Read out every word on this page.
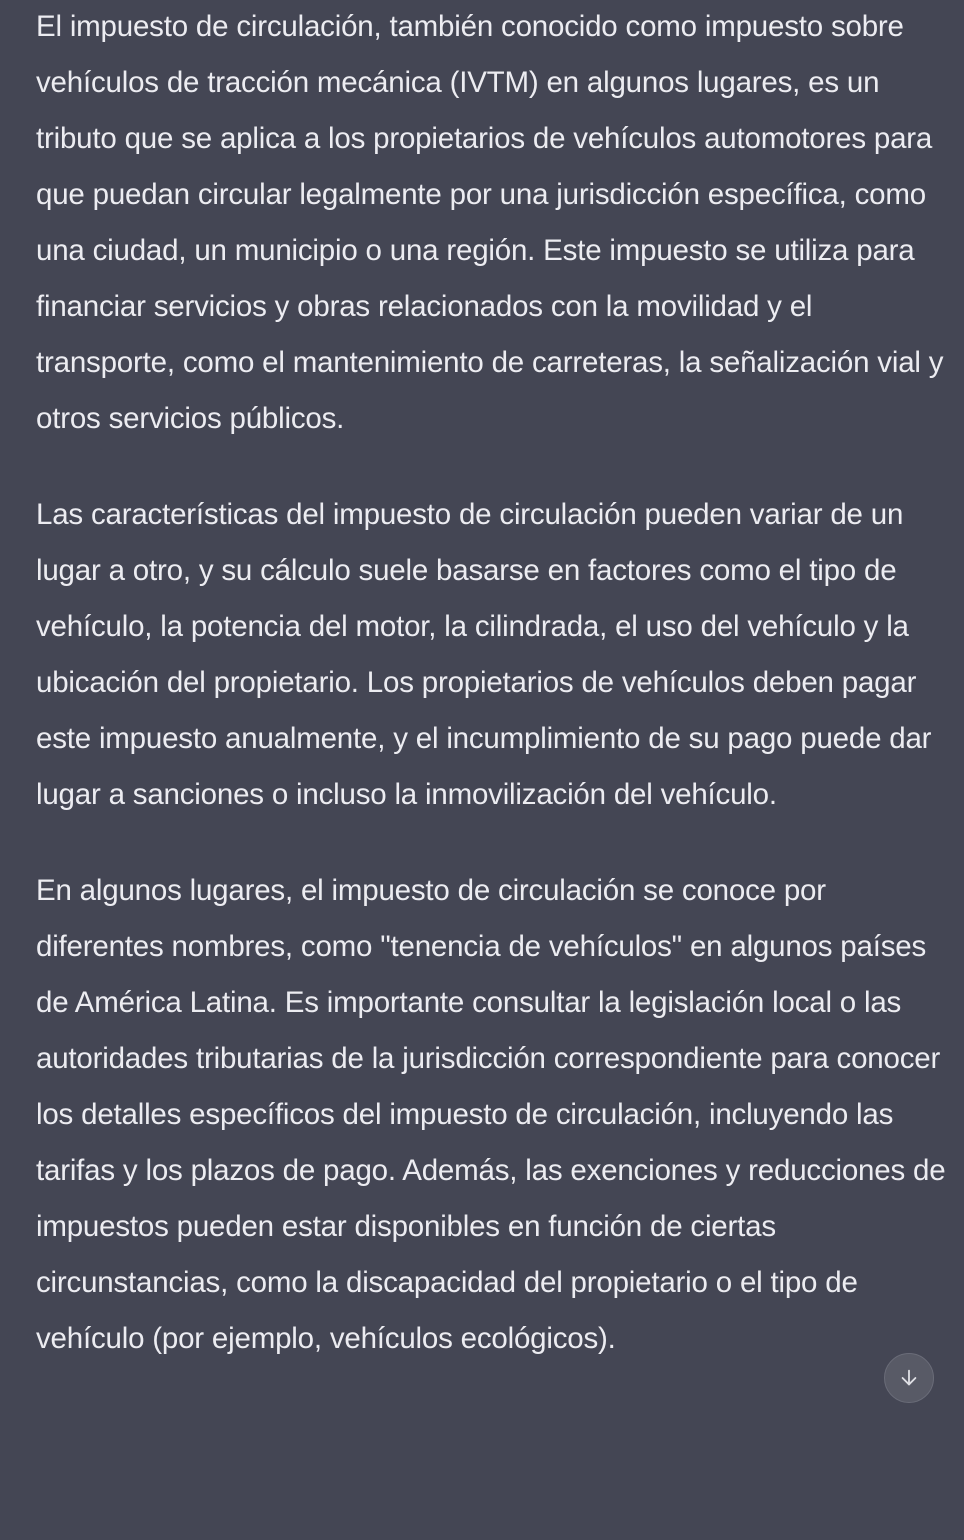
El impuesto de circulación, también conocido como impuesto sobre vehículos de tracción mecánica (IVTM) en algunos lugares, es un tributo que se aplica a los propietarios de vehículos automotores para que puedan circular legalmente por una jurisdicción específica, como una ciudad, un municipio o una región. Este impuesto se utiliza para financiar servicios y obras relacionados con la movilidad y el transporte, como el mantenimiento de carreteras, la señalización vial y otros servicios públicos.

Las características del impuesto de circulación pueden variar de un lugar a otro, y su cálculo suele basarse en factores como el tipo de vehículo, la potencia del motor, la cilindrada, el uso del vehículo y la ubicación del propietario. Los propietarios de vehículos deben pagar este impuesto anualmente, y el incumplimiento de su pago puede dar lugar a sanciones o incluso la inmovilización del vehículo.

En algunos lugares, el impuesto de circulación se conoce por diferentes nombres, como "tenencia de vehículos" en algunos países de América Latina. Es importante consultar la legislación local o las autoridades tributarias de la jurisdicción correspondiente para conocer los detalles específicos del impuesto de circulación, incluyendo las tarifas y los plazos de pago. Además, las exenciones y reducciones de impuestos pueden estar disponibles en función de ciertas circunstancias, como la discapacidad del propietario o el tipo de vehículo (por ejemplo, vehículos ecológicos).
